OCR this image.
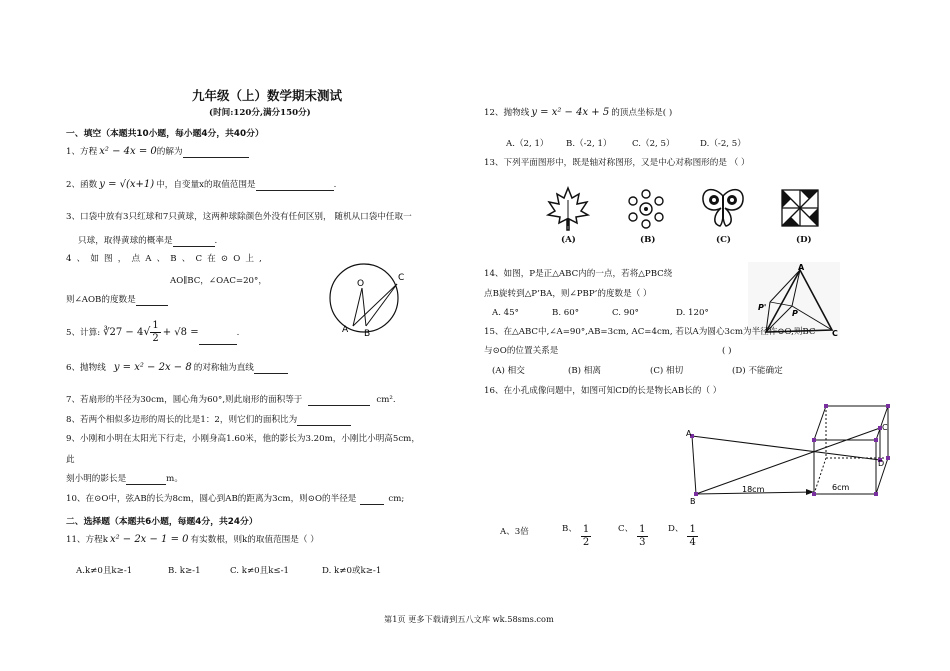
九年级（上）数学期末测试
(时间:120分,满分150分)
一、填空（本题共10小题，每小题4分，共40分）
1、方程 x² − 4x = 0的解为
2、函数 y = √(x+1) 中，自变量x的取值范围是	.
3、口袋中放有3只红球和7只黄球，这两种球除颜色外没有任何区别， 随机从口袋中任取一
只球，取得黄球的概率是	.
4 、 如 图 ， 点 A 、 B 、 C 在 ⊙ O 上 ,
AO∥BC，∠OAC=20°，
则∠AOB的度数是
O
A B
C
5、计算: ∛27 − $4√ \frac{1}{2} + √8$ =	.
6、抛物线 y = x² − 2x − 8 的对称轴为直线
7、若扇形的半径为30cm，圆心角为60°,则此扇形的面积等于	cm².
8、若两个相似多边形的周长的比是1：2，则它们的面积比为
9、小刚和小明在太阳光下行走，小刚身高1.60米，他的影长为3.20m，小刚比小明高5cm，
此
刻小明的影长是	m。
10、在⊙O中，弦AB的长为8cm，圆心到AB的距离为3cm，则⊙O的半径是	cm;
二、选择题（本题共6小题，每题4分，共24分）
11、方程k x² − 2x − 1 = 0 有实数根，则k的取值范围是（ ）
A.k≠0且k≥-1	B. k≥-1	C. k≠0且k≤-1	D. k≠0或k≥-1
12、抛物线 y = x² − 4x + 5 的顶点坐标是( )
A.（2, 1） B.（-2, 1） C.（2, 5）	D.（-2, 5）
13、下列平面图形中，既是轴对称图形，又是中心对称图形的是 （ ）
(A)	(B)	(C)	(D)
14、如图，P是正△ABC内的一点，若将△PBC绕
点B旋转到△P’BA，则∠PBP’的度数是（ ）
A. 45°	B. 60°	C. 90°	D. 120°
A
P
P'
C
15、在△ABC中,∠A=90°,AB=3cm, AC=4cm, 若以A为圆心3cm为半径作⊙O,则BC
与⊙O的位置关系是	( )
(A) 相交	(B) 相离	(C) 相切	(D) 不能确定
16、在小孔成像问题中，如图可知CD的长是物长AB长的（ ）
A
B
C
D
18cm	6cm
A、3倍	B、 $\frac{1}{2}$	C、 $\frac{1}{3}$ D、 $\frac{1}{4}$
第1页 更多下载请到五八文库 wk.58sms.com
